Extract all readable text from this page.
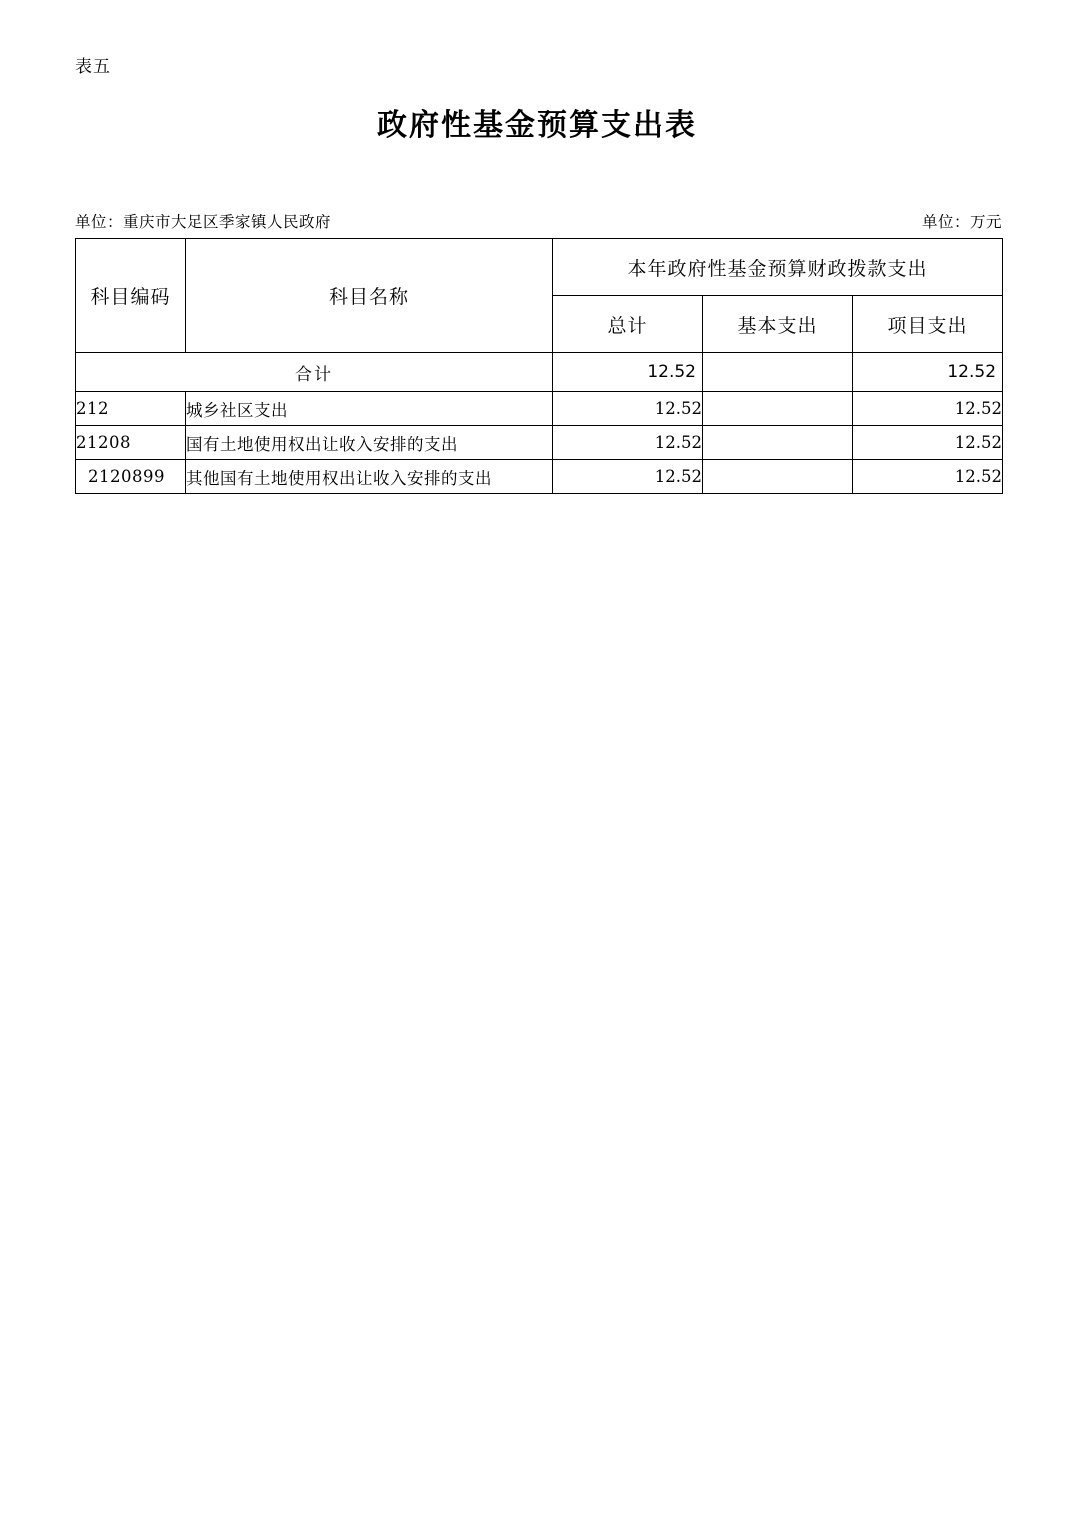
表五
政府性基金预算支出表
单位：重庆市大足区季家镇人民政府	单位：万元
科目编码	科目名称	本年政府性基金预算财政拨款支出		
		总计	基本支出	项目支出
合计		12.52		12.52
212	城乡社区支出	12.52		12.52
21208	国有土地使用权出让收入安排的支出	12.52		12.52
2120899	其他国有土地使用权出让收入安排的支出	12.52		12.52
